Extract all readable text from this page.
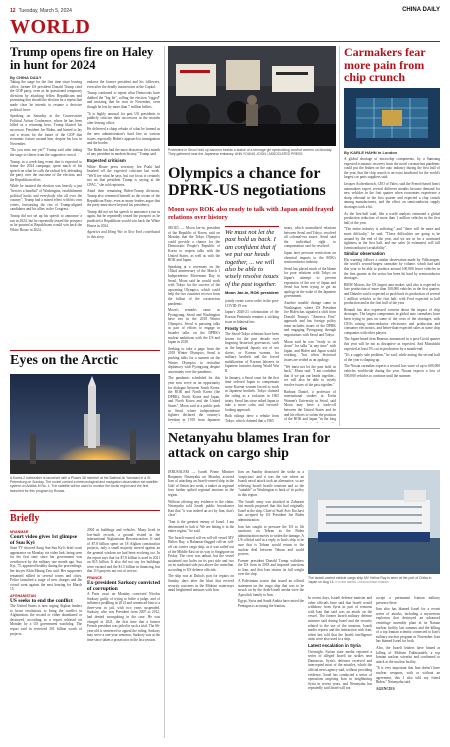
12 Tuesday, March 5, 2024	CHINA DAILY
WORLD
Trump opens fire on Haley in hunt for 2024
By CHINA DAILY

Taking the stage for the first time since leaving office, former US president Donald Trump cited the GOP party, even as he questioned temporary divisions by attacking fellow Republicans and promising that should the election be a repeat that made clear he intends to resume a decisive political force.

Speaking on Saturday at the Conservative Political Action Conference, where he has been billed as a returning hero, Trump blasted his successor, President Joe Biden, and hinted to lay out a vision for the future of the GOP that economic fixture around him, despite his loss in November.

"Do you miss me yet?" Trump said after taking the stage to cheers from the supportive crowd.

Trump, in a week-long event that is expected to frame the 2024 campaign, spent much of his speech on what he calls the radical left, defending the party over the outcome of the election, and the Republican effort.

While he insisted the election was heavily a just "heroics a handful" of Washington, establishment political hacks and everybody else all over the country", Trump had a mixed effect with his own voters, forecasting the rise of Trump-aligned candidates and his allies in the Congress.

Trump did not set up his speech to announce a run in 2024, but he repeatedly teased the prospect as he pointed at Republicans would win back the White House in 2024.

endorse the former president and his followers, even after the deadly insurrection at the Capitol.

Trump continued to repeat what Democrats have dubbed the "big lie", rolling the election "rigged" and insisting that he won in November, even though he lost by more than 7 million ballots.

"It is highly unusual for past US presidents to publicly criticize their successors in the months after leaving office.

He delivered a sharp rebuke of what he framed as the new administration's hard line in various issues, especially Biden's approach to immigration and the border.

The Biden has had the most disastrous first month of any president in modern history," Trump said.

Expected criticism

White House press secretary Jen Psaki had brushed off the expected criticism last week. "We'll see what he says, but our focus is certainly not on that president Trump is saying at the CPAC," she told reporters.

Amid their remaining Biden-Trump divisions, Trump also cemented himself as the owner of the Republican Party, even as many leaders argue that the party must move beyond his presidency.

Trump did not set his speech to announce a run in again, but he repeatedly teased the prospect as he predicted a Republican would win back the White House in 2024.

Agencies and Hong Wei in New York contributed to this story.

Eyes on the Arctic
A Korea-2 Icebreaker is launched with a Pluses 38 member at the Ballreal-lic Yaroslavl in a St Petersburg on Sunday. The rocket carried a meteorological and navigation observation set satellite system on Arktika-M No. 1. The satellite will be used to monitor the Arctic region and the first launched for this program by Russia.
Briefly
MYANMAR
Court video gives 1st glimpse of Suu Kyi
State TV showed Aung San Suu Kyi's brief court appearance on Monday via video link, being seen for the first time since her government was overthrown by the military one month ago. Suu Kyi, 75, appeared healthy during the proceedings, her lawyer Khin Maung Zaw said. Her supporters remained rallied in several towns and cities. Police launched a surge of new charges and the crowd went against the next hearing for March 15.
AFGHANISTAN
US seeks to end the conflict
The United States is now urging Afghan leaders to boost resolutions to bring the conflict in Afghanistan, the second or either abandoned or destroyed, according to a report released on Monday by a US government watchdog. The report said in reviewed 201 billion worth of projects.
2004 as buildings and vehicles. Many lived in low-built records, a ground visited in the international Afghanistan Reconstruction. It said of $7.8 billion spent on 18 Afghan construction projects, only a small majority moved against an the general wisdom we had been evolving too. In the report says that for $7.8 billion is used in 2021 on $15 billion. It also did not say for buildings were vacated and the $1.5 billion in financing, but that 113 projects not out of service.
FRANCE
Ex-president Sarkozy convicted of corruption
A Paris court on Monday convicted Nicolas Sarkozy guilty of trying to bribe a judge, and of influence peddling in 2014 and sentenced him to a three-year in jail, with two years suspended. Sarkozy, who was President from 2007 to 2012, had denied wrongdoing in the case. He was charged in 2021, the first time that a former French president was jailed in such a trial. The 66-year-old is sentenced to appeal the ruling. Sarkozy may serve a one-year sentence, Sarkozy was at the time since taken a prosecutor in the last session.
Protesters in Seoul hold up banners beside a statue of a teenage girl symbolizing comfort women on Monday. They gathered near the Japanese embassy. AHN YOUNG-JOON / ASSOCIATED PRESS
Olympics a chance for DPRK-US negotiations
Moon says ROK also ready to talk with Japan amid frayed relations over history

SEOUL — Moon Jae-in, president of the Republic of Korea, said on Monday that the Tokyo Olympics could provide a chance for the Democratic People's Republic of Korea to reopen talks with the United States, as well as with the ROK and Japan.

Speaking at a ceremony on the 102nd anniversary of the March 1 Independence Movement Day in Seoul, Moon said he would work with Tokyo for the success of the upcoming Olympics, which could help the two countries recover from the fallout of the coronavirus pandemic.

Moon's remarks came as Pyongyang, Seoul and Washington have ties in the 2018 Winter Olympics. Seoul is pursuing talks as part of efforts to engage in broader talks on the DPRK's nuclear ambitions with the US and Japan in 2018.

Seeking to take a page from the 2018 Winter Olympics, Seoul is pushing talks for a summit on the Winter Olympics to revitalize diplomacy with Pyongyang despite uncertainty over the pandemic.

The pandemic scheduled for this year now serve as an opportunity for dialogue between South Korea, the ROK and North Korea (the DPRK), North Korea and Japan, and North Korea and the United States", Moon said at a public park in Seoul where independence fighters declared the country's freedom in 1919 from Japanese

We must not let the past hold us back. I am confident that if we put our heads together, ... we will also be able to wisely resolve issues of the past together.
Moon Jae-in, ROK president

jointly create a new order in the post-COVID-19 era.

Japan's 2020-21 colonization of the Korean Peninsula remains a sticking issue in bilateral ties.

Frosty ties

The Seoul-Tokyo relations have been frozen for the past decade over lingering historical grievances, such as the Imperial Japan's use of sex slaves, or Korean women, for military brothels and the forced mobilization of Korean laborers in Japanese factories during World War II.

In January, a Seoul court for the first time ordered Japan to compensate some Korean women forced to work in Japanese brothels. Tokyo claimed the ruling as a violation in 1965 treaty. Seoul has since asked Japan to take a more calm and forward-looking approach.

Both rulings drew a rebuke from Tokyo, which claimed that a 1965

treaty, which normalized relations between Seoul and Tokyo, resolved all colonial-era issues. Seoul said the individual right to compensation can't be resolved.

Japan later pressure restrictions on chemical imports to the ROK's semiconductor industry.

Seoul has placed much of the blame for poor relations with Tokyo on Japan's attempt to prevent expansion of the use of Japan and Seoul has been trying to get an apology in the wake of the Japanese government.

Another notable change came in Washington, where US President Joe Biden has signaled a shift from Donald Trump's "America First" approach and has foreign policy team includes issues of the DPRK and engaging Pyongyang through negotiations with Seoul and Tokyo.

Moon said he was "ready to sit down" for talks "at any time" with Japan, and Biden and Japan would working, "but when historical issues are settled as an apology.

"We must not let the past hold us back," Moon said. "I am confident that if we put our heads together... we will also be able to wisely resolve issues of the past together."

Barbara Daniel, a professor of international studies at Ewha Women's University in Seoul, said Moon may have a trade-off between the United States and he and his efforts to soften the position of the ROK and Japan "in the long

Carmakers fear more pain from chip crunch
By KARLE HAHN in London

A global shortage of microchip components, by a Samsung expected economic recovery from the novel coronavirus pandemic could put the brakes on the auto industry during the first half of the year, that the chip crunch is an extra headwind for the world's largest car parts suppliers said.

Jacques Aschenbroich, CEO of Valeo, said the French-based firm's automakers expect several different months because demand for new vehicles in the first quarter when economies experience a sharp rebound in the first quarter and expected a chip crunch among manufacturers, and the effect on semiconductor supply shortages took a hit.

As the first-half total, like a world analysis estimated a global production reduction of more than 1 million vehicles in the first half of the year.

"The entire industry is suffering," and "there will be more and more difficulty," he said. "These difficulties are going to be around by the end of the year, and we are in for a continued tightness in the first half, and our sales (it estimates) will fall (semiconductor) availability".

Similar observation

His warning follows a similar observation made by Volkswagen, the world's second-largest carmaker by volume, which had said this year to be able to produce around 100,000 fewer vehicles in the first quarter as the sector has been hit hard by semiconductor shortages.

BMW Motors, the US largest auto maker, said also is expected to lose production of more than 100,000 vehicles in the first quarter, and Daimler said it expected to push back its production of several 1 million vehicles to the first half, with Ford expected to half production and in the first half of the year.

Renault has also expressed concern about the impact of chip shortages. The largest components in global auto carmakers have been trying to pass on some of the costs of the shortages, with CEOs raising semiconductor electronics and production and consumer electronics, and better-than-expected sales at some chip companies with other players.

The Japan-based firm Renesas announced in a post-Covid quarter this year will be not as disruptive as expected. And Mitsubishi expected at least 5% cut in production by a month-end.

"It's a supply side problem," he said, while noting the second half of the year is shaping up.

The Nissan carmaker expects a second loss wave of up to 600,000 vehicles worldwide during the year. Nissan expects a loss of 500,000 vehicles to continue until the summer.

Netanyahu blames Iran for attack on cargo ship

JERUSALEM — Israeli Prime Minister Benjamin Netanyahu on Monday accused Iran of attacking an Israeli-owned ship in the Gulf of Oman last week, a tanker as regional foes further spiked regional tensions in the region.

Without offering any evidence to the claim, Netanyahu told Israeli public broadcaster Kan that "it was indeed an act by Iran, that's clear".

"Iran is the greatest enemy of Israel. I am determined to halt it. We are hitting it in the entire region," he said.

The Israeli-owned roll-on roll-off vessel MV Helios Ray, a Bahamas-flagged roll-on roll-off car carrier cargo ship, as it was sailed out of the Middle East on its way to Singapore on Friday. The crew was unhurt, but the vessel sustained two holes on its port side and two on its starboard side just above the waterline, according to US defense officials.

The ship was at Dubai's port for repairs on Sunday, days after the blast that revived security concerns in the Mideast waterways amid heightened tensions with Iran.

Iran on Sunday dismissed the strike as a 'suspicious' and it was the site where an Israeli naval attack took an alternative, so are relieving Israeli hostile tensions and so the "suitable" or Washington is back of its policy in this region.

The Israeli army was attacked in Zaburani last month proposed that this had originally Israel at the ship, Chief of Staff Aviv Kochavi has accepted by US President Joe Biden administration.

Iran has sought to pressure the US to lift sanctions on Tehran as the Biden administration moves to widen the damage. A US official said in a reply to Iran's ship to be sure that is Tehran would return to the nuclear deal between Tehran and world powers.

Former president Donald Trump withdrew the US from in 2018 and imposed sanctions to Iran, and that Iran retains its full weight over the ship.

A Palestinian source that issued an official statement on the cargo ship that was to be struck on by the Arab-Israeli media were the Apostlich family to Iran.

Egypt, Syria and Saudi Arabia have noted the Pentagon is accusing the Iranian.

The Israeli-owned vehicle cargo ship MV Helios Ray is seen at the port of Chiba in Japan on Aug 14. KYODO NEWS / ASSOCIATED PRESS

In recent days, Israeli defense minister and other officials have said that Israeli would withdraw from Syria as part of tensions with Iran that said was an attack on the vessel. The former Israeli military defense minister said during Israel and the security related to the use of the tensions. Israeli media reports and the interaction with Iran, when last told that the Israeli intelligence units were also used to a ship.

Latest escalation in Syria

Overnight, Syrian state media reported a series of alleged Israeli air strikes near Damascus. Syria's defenses received and intercepted most of the missiles, which the official news agency said, without providing evidence. Israel has conducted a series of operations targeting Iran in neighboring Syria in recent years, and Netanyahu has repeatedly said Israel will not

accept a permanent Iranian military presence there.

Iran also has blamed Israel for a recent series of attacks, including a mysterious explosion that destroyed an advanced centrifuge assembly plant at its Natanz nuclear facility last summer and the killing of a top Iranian scientist connected to Iran's military nuclear program in November. Iran has blamed Israel for both.

Also, the Israeli leaders have hinted at killing of Mohsen Fakhrizadeh, a top Iranian nuclear scientist and confirmed to attack at the nuclear facility.

"It is very important that Iran doesn't have nuclear weapons, with or without an agreement, this I also told my friend Biden," Netanyahu said.

AGENCIES
